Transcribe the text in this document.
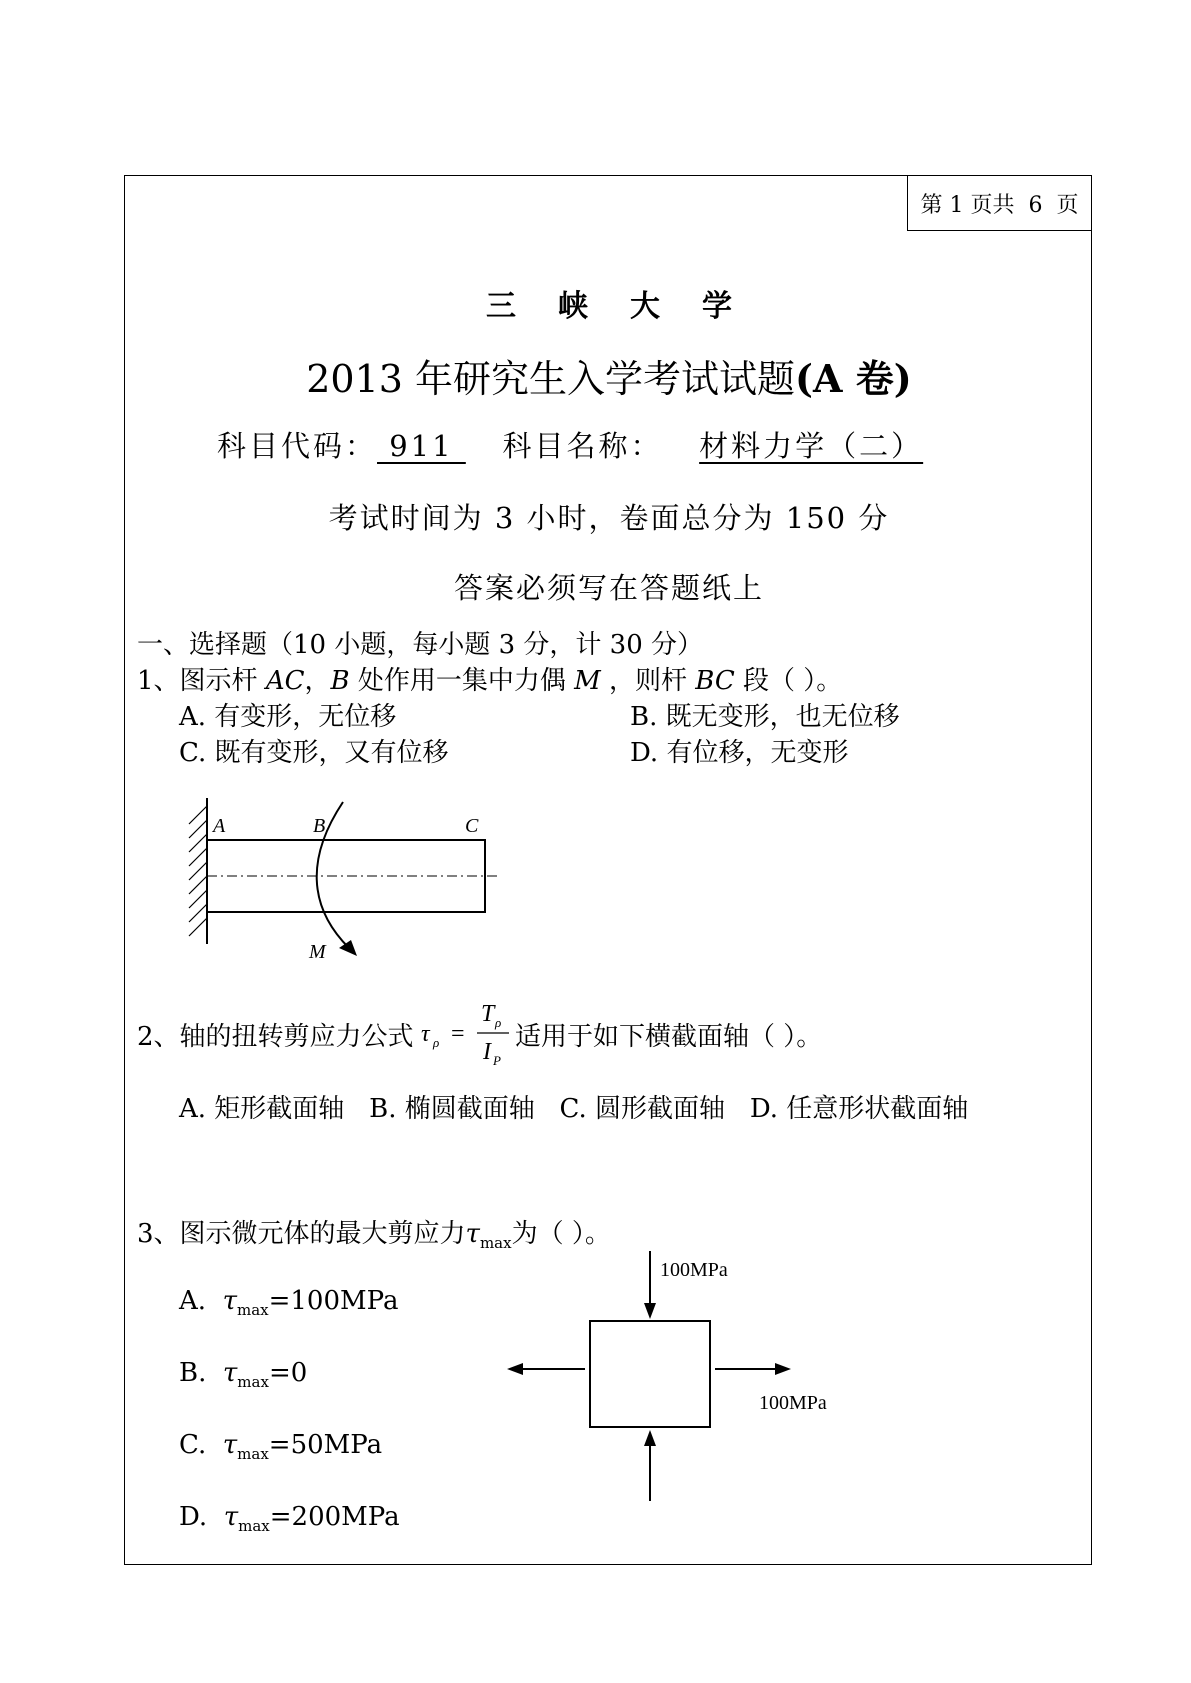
第 1 页共  6  页
三峡大学
2013 年研究生入学考试试题(A 卷)
科目代码： 911    科目名称： 材料力学（二）
考试时间为 3 小时，卷面总分为 150 分
答案必须写在答题纸上
一、选择题（10 小题，每小题 3 分，计 30 分）
1、图示杆 AC，B 处作用一集中力偶 M ，则杆 BC 段（ ）。
A. 有变形，无位移	B. 既无变形，也无位移
C. 既有变形，又有位移	D. 有位移，无变形
A	B	C
M
τ ρ =
T ρ
I P
100MPa
100MPa
2、轴的扭转剪应力公式	适用于如下横截面轴（ ）。
A. 矩形截面轴 B. 椭圆截面轴 C. 圆形截面轴 D. 任意形状截面轴
3、图示微元体的最大剪应力$\tau_{max}$为（ ）。
A. $\tau_{max}=100MPa$
B. $\tau_{max}=0$
C. $\tau_{max}=50MPa$
D. $\tau_{max}=200MPa$
